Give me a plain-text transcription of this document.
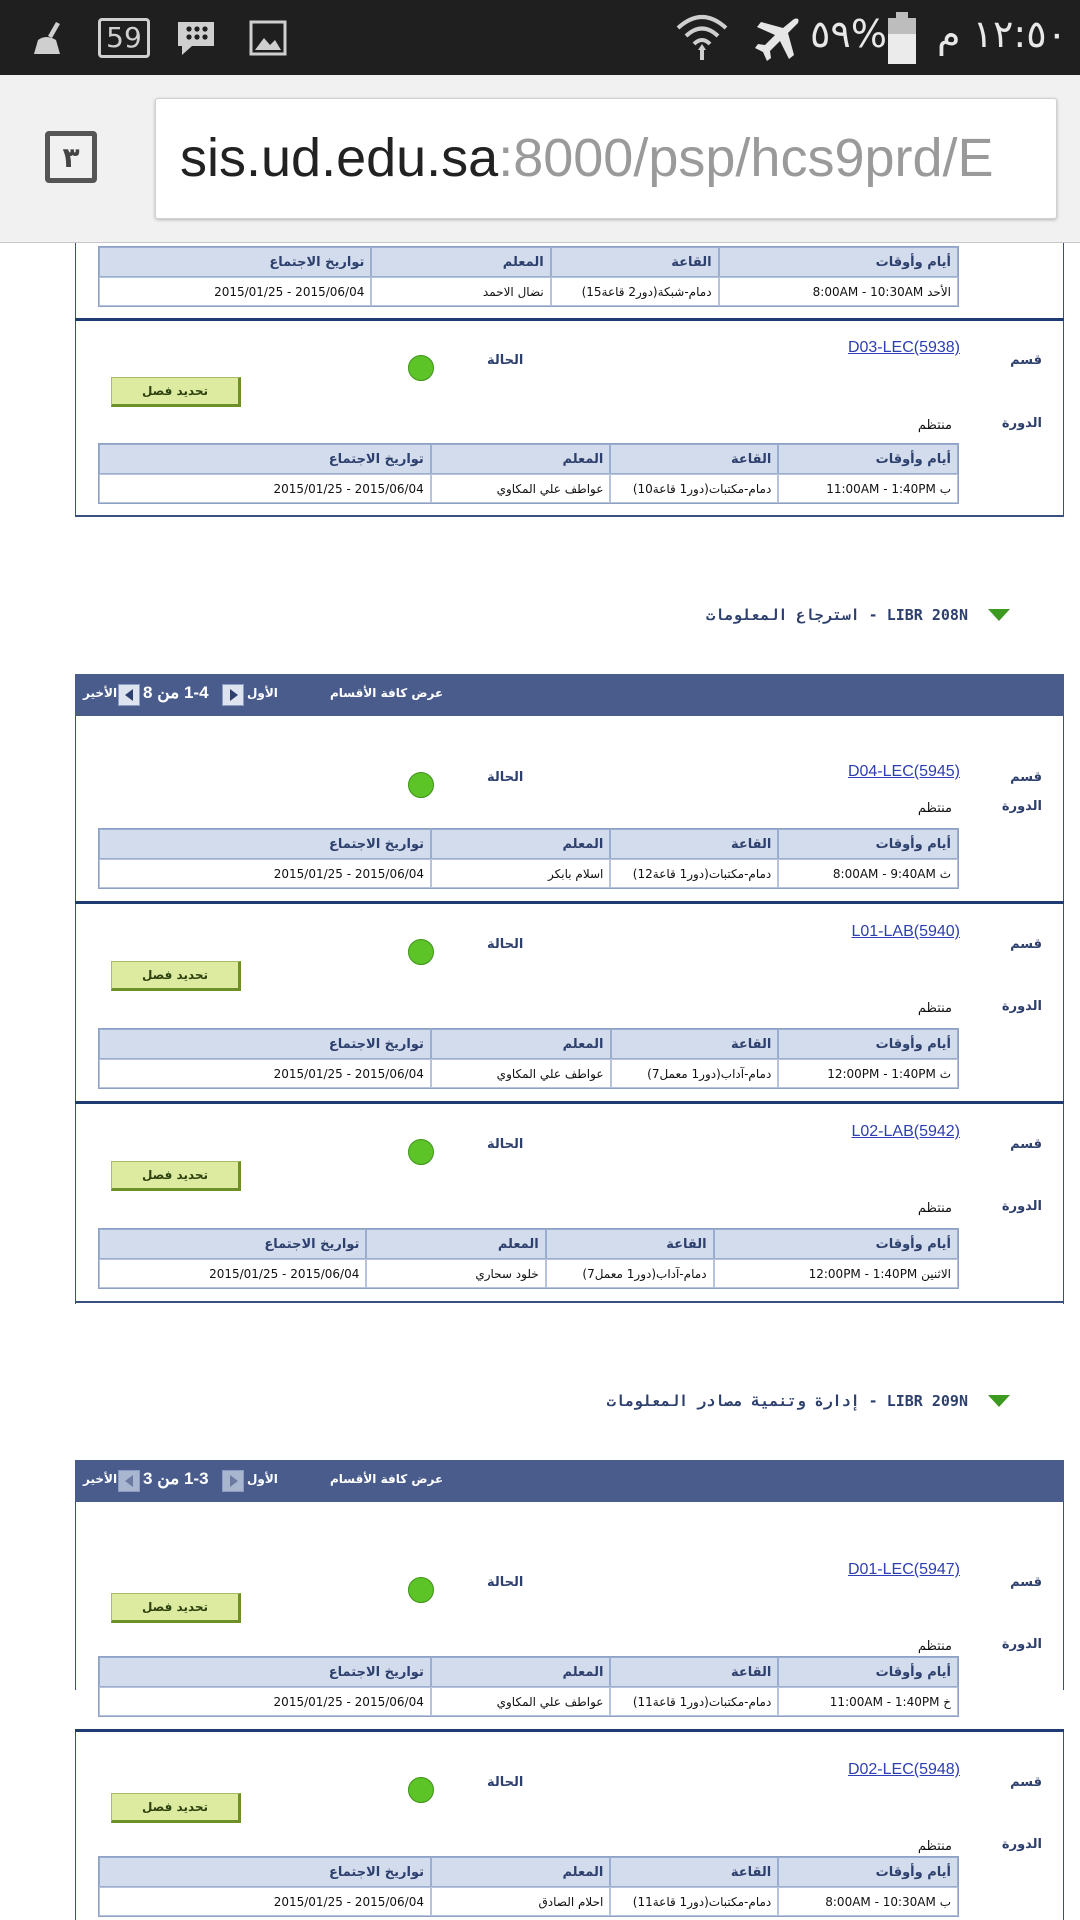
59	٥٩% ١٢:٥٠ م
٣	sis.ud.edu.sa:8000/psp/hcs9prd/E
أيام وأوقات	القاعة	المعلم	تواريخ الاجتماع
الأحد 8:00AM - 10:30AM	دمام-شبكة(دور2 قاعة15)	نضال الاحمد	2015/01/25 - 2015/06/04
قسم
D03-LEC(5938)
الحالة
تحديد فصل
الدورة
منتظم
أيام وأوقات	القاعة	المعلم	تواريخ الاجتماع
ب 11:00AM - 1:40PM	دمام-مكتبات(دور1 قاعة10)	عواطف علي المكاوي	2015/01/25 - 2015/06/04
LIBR 208N - استرجاع المعلومات
عرض كافة الأقسام
الأول
1-4 من 8
الأخير
قسم
D04-LEC(5945)
الحالة
الدورة
منتظم
أيام وأوقات	القاعة	المعلم	تواريخ الاجتماع
ث 8:00AM - 9:40AM	دمام-مكتبات(دور1 قاعة12)	اسلام بابكر	2015/01/25 - 2015/06/04
قسم
L01-LAB(5940)
الحالة
تحديد فصل
الدورة
منتظم
أيام وأوقات	القاعة	المعلم	تواريخ الاجتماع
ث 12:00PM - 1:40PM	دمام-آداب(دور1 معمل7)	عواطف علي المكاوي	2015/01/25 - 2015/06/04
قسم
L02-LAB(5942)
الحالة
تحديد فصل
الدورة
منتظم
أيام وأوقات	القاعة	المعلم	تواريخ الاجتماع
الاثنين 12:00PM - 1:40PM	دمام-آداب(دور1 معمل7)	خلود سحاري	2015/01/25 - 2015/06/04
LIBR 209N - إدارة وتنمية مصادر المعلومات
عرض كافة الأقسام
الأول
1-3 من 3
الأخير
قسم
D01-LEC(5947)
الحالة
تحديد فصل
الدورة
منتظم
أيام وأوقات	القاعة	المعلم	تواريخ الاجتماع
خ 11:00AM - 1:40PM	دمام-مكتبات(دور1 قاعة11)	عواطف علي المكاوي	2015/01/25 - 2015/06/04
قسم
D02-LEC(5948)
الحالة
تحديد فصل
الدورة
منتظم
أيام وأوقات	القاعة	المعلم	تواريخ الاجتماع
ب 8:00AM - 10:30AM	دمام-مكتبات(دور1 قاعة11)	احلام الصادق	2015/01/25 - 2015/06/04
